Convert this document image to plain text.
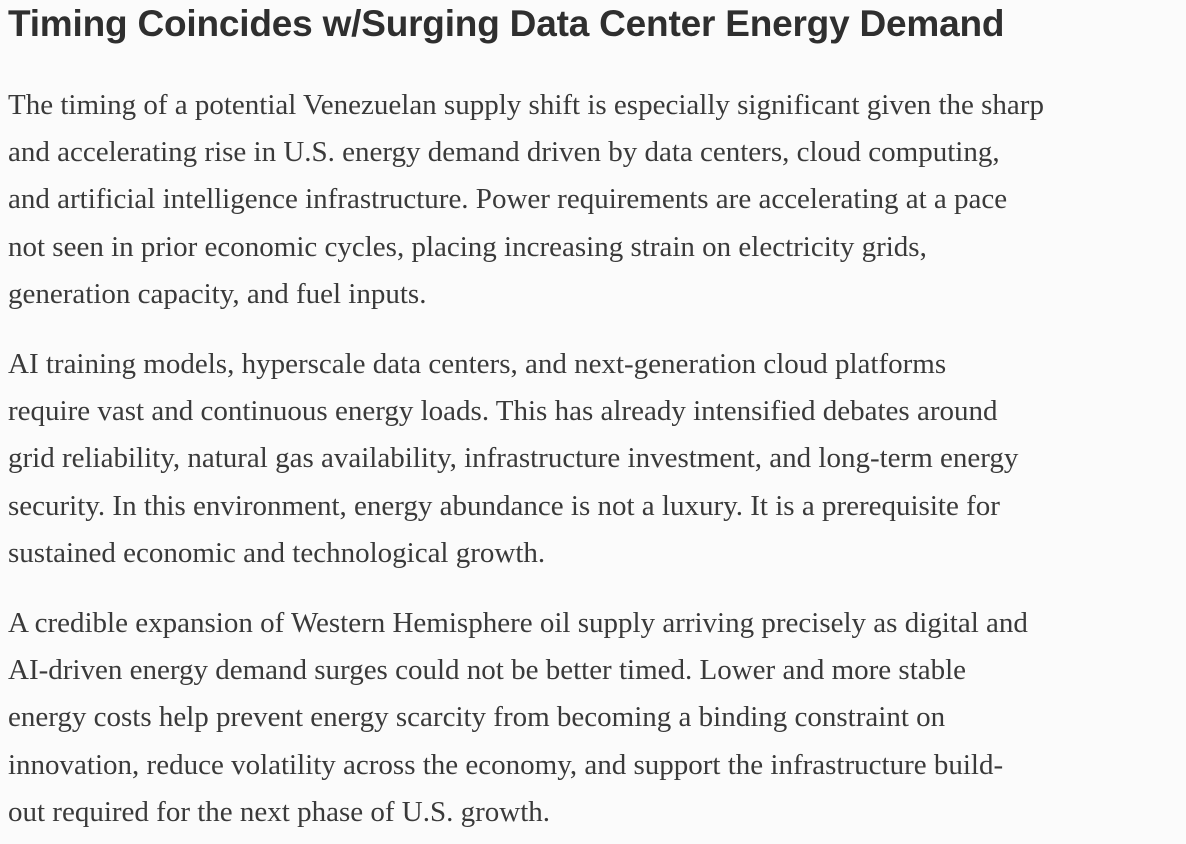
Timing Coincides w/Surging Data Center Energy Demand

The timing of a potential Venezuelan supply shift is especially significant given the sharp
and accelerating rise in U.S. energy demand driven by data centers, cloud computing,
and artificial intelligence infrastructure. Power requirements are accelerating at a pace
not seen in prior economic cycles, placing increasing strain on electricity grids,
generation capacity, and fuel inputs.

AI training models, hyperscale data centers, and next-generation cloud platforms
require vast and continuous energy loads. This has already intensified debates around
grid reliability, natural gas availability, infrastructure investment, and long-term energy
security. In this environment, energy abundance is not a luxury. It is a prerequisite for
sustained economic and technological growth.

A credible expansion of Western Hemisphere oil supply arriving precisely as digital and
AI-driven energy demand surges could not be better timed. Lower and more stable
energy costs help prevent energy scarcity from becoming a binding constraint on
innovation, reduce volatility across the economy, and support the infrastructure build-
out required for the next phase of U.S. growth.
